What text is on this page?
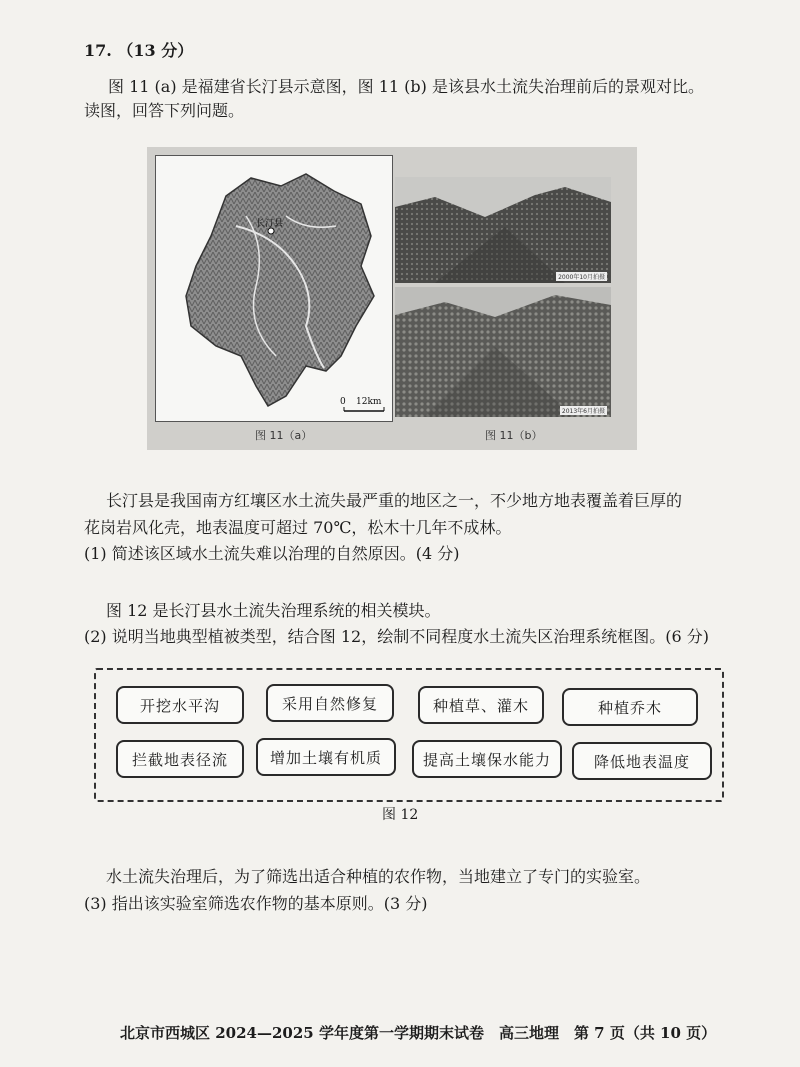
17. （13 分）
图 11 (a) 是福建省长汀县示意图，图 11 (b) 是该县水土流失治理前后的景观对比。
读图，回答下列问题。
长汀县
0 12km
2000年10月拍摄
2013年6月拍摄
图 11（a）	图 11（b）
长汀县是我国南方红壤区水土流失最严重的地区之一，不少地方地表覆盖着巨厚的
花岗岩风化壳，地表温度可超过 70℃，松木十几年不成林。
(1) 简述该区域水土流失难以治理的自然原因。(4 分)
图 12 是长汀县水土流失治理系统的相关模块。
(2) 说明当地典型植被类型，结合图 12，绘制不同程度水土流失区治理系统框图。(6 分)
开挖水平沟	采用自然修复	种植草、灌木	种植乔木
拦截地表径流	增加土壤有机质	提高土壤保水能力	降低地表温度
图 12
水土流失治理后，为了筛选出适合种植的农作物，当地建立了专门的实验室。
(3) 指出该实验室筛选农作物的基本原则。(3 分)
北京市西城区 2024—2025 学年度第一学期期末试卷　高三地理　第 7 页（共 10 页）
